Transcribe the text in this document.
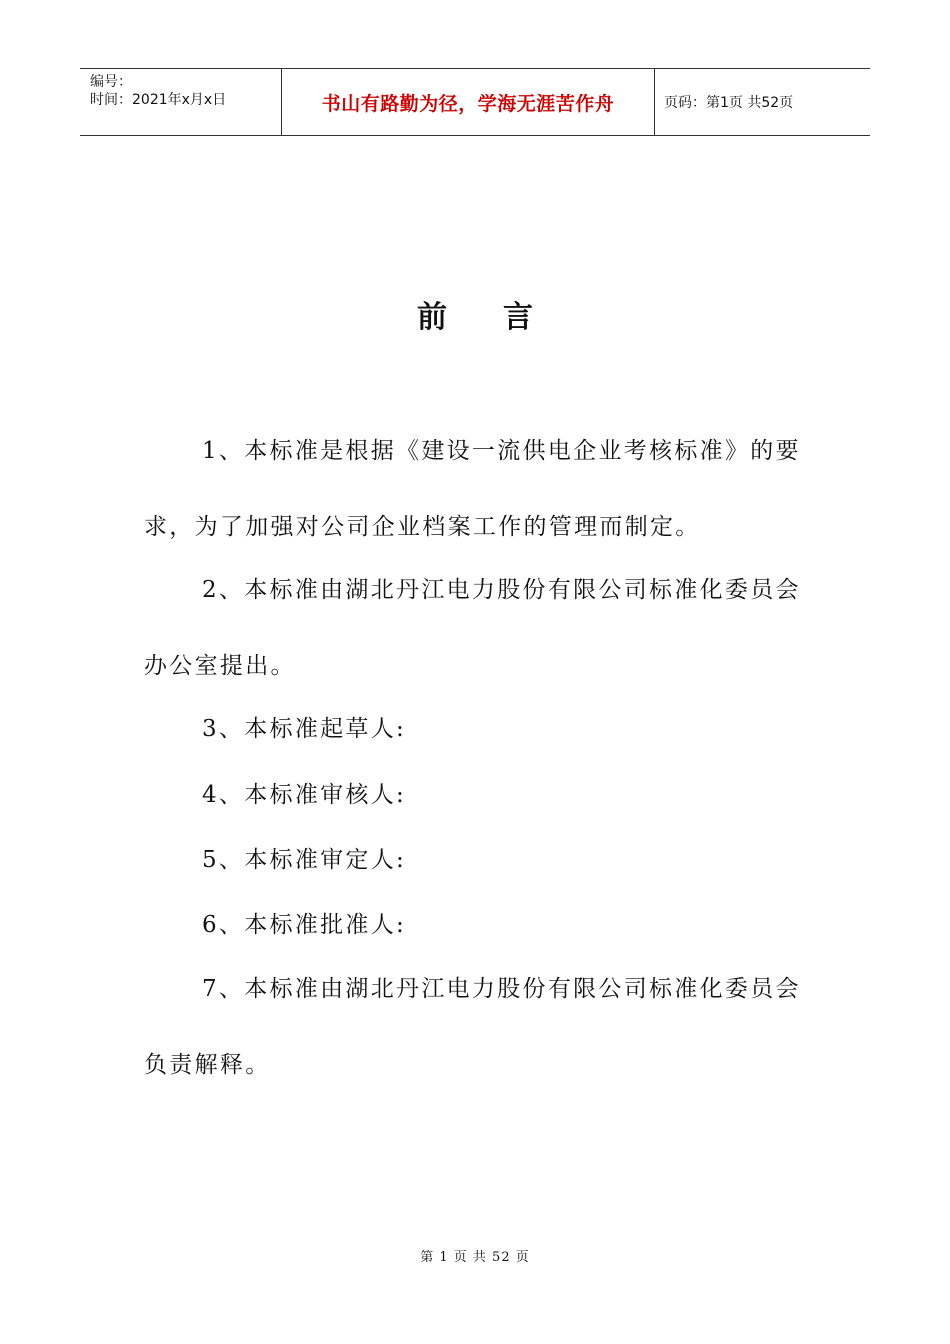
编号：
时间：2021年x月x日	书山有路勤为径，学海无涯苦作舟	页码：第1页 共52页
前言
1、本标准是根据《建设一流供电企业考核标准》的要
求，为了加强对公司企业档案工作的管理而制定。
2、本标准由湖北丹江电力股份有限公司标准化委员会
办公室提出。
3、本标准起草人:
4、本标准审核人:
5、本标准审定人:
6、本标准批准人:
7、本标准由湖北丹江电力股份有限公司标准化委员会
负责解释。
第 1 页 共 52 页
